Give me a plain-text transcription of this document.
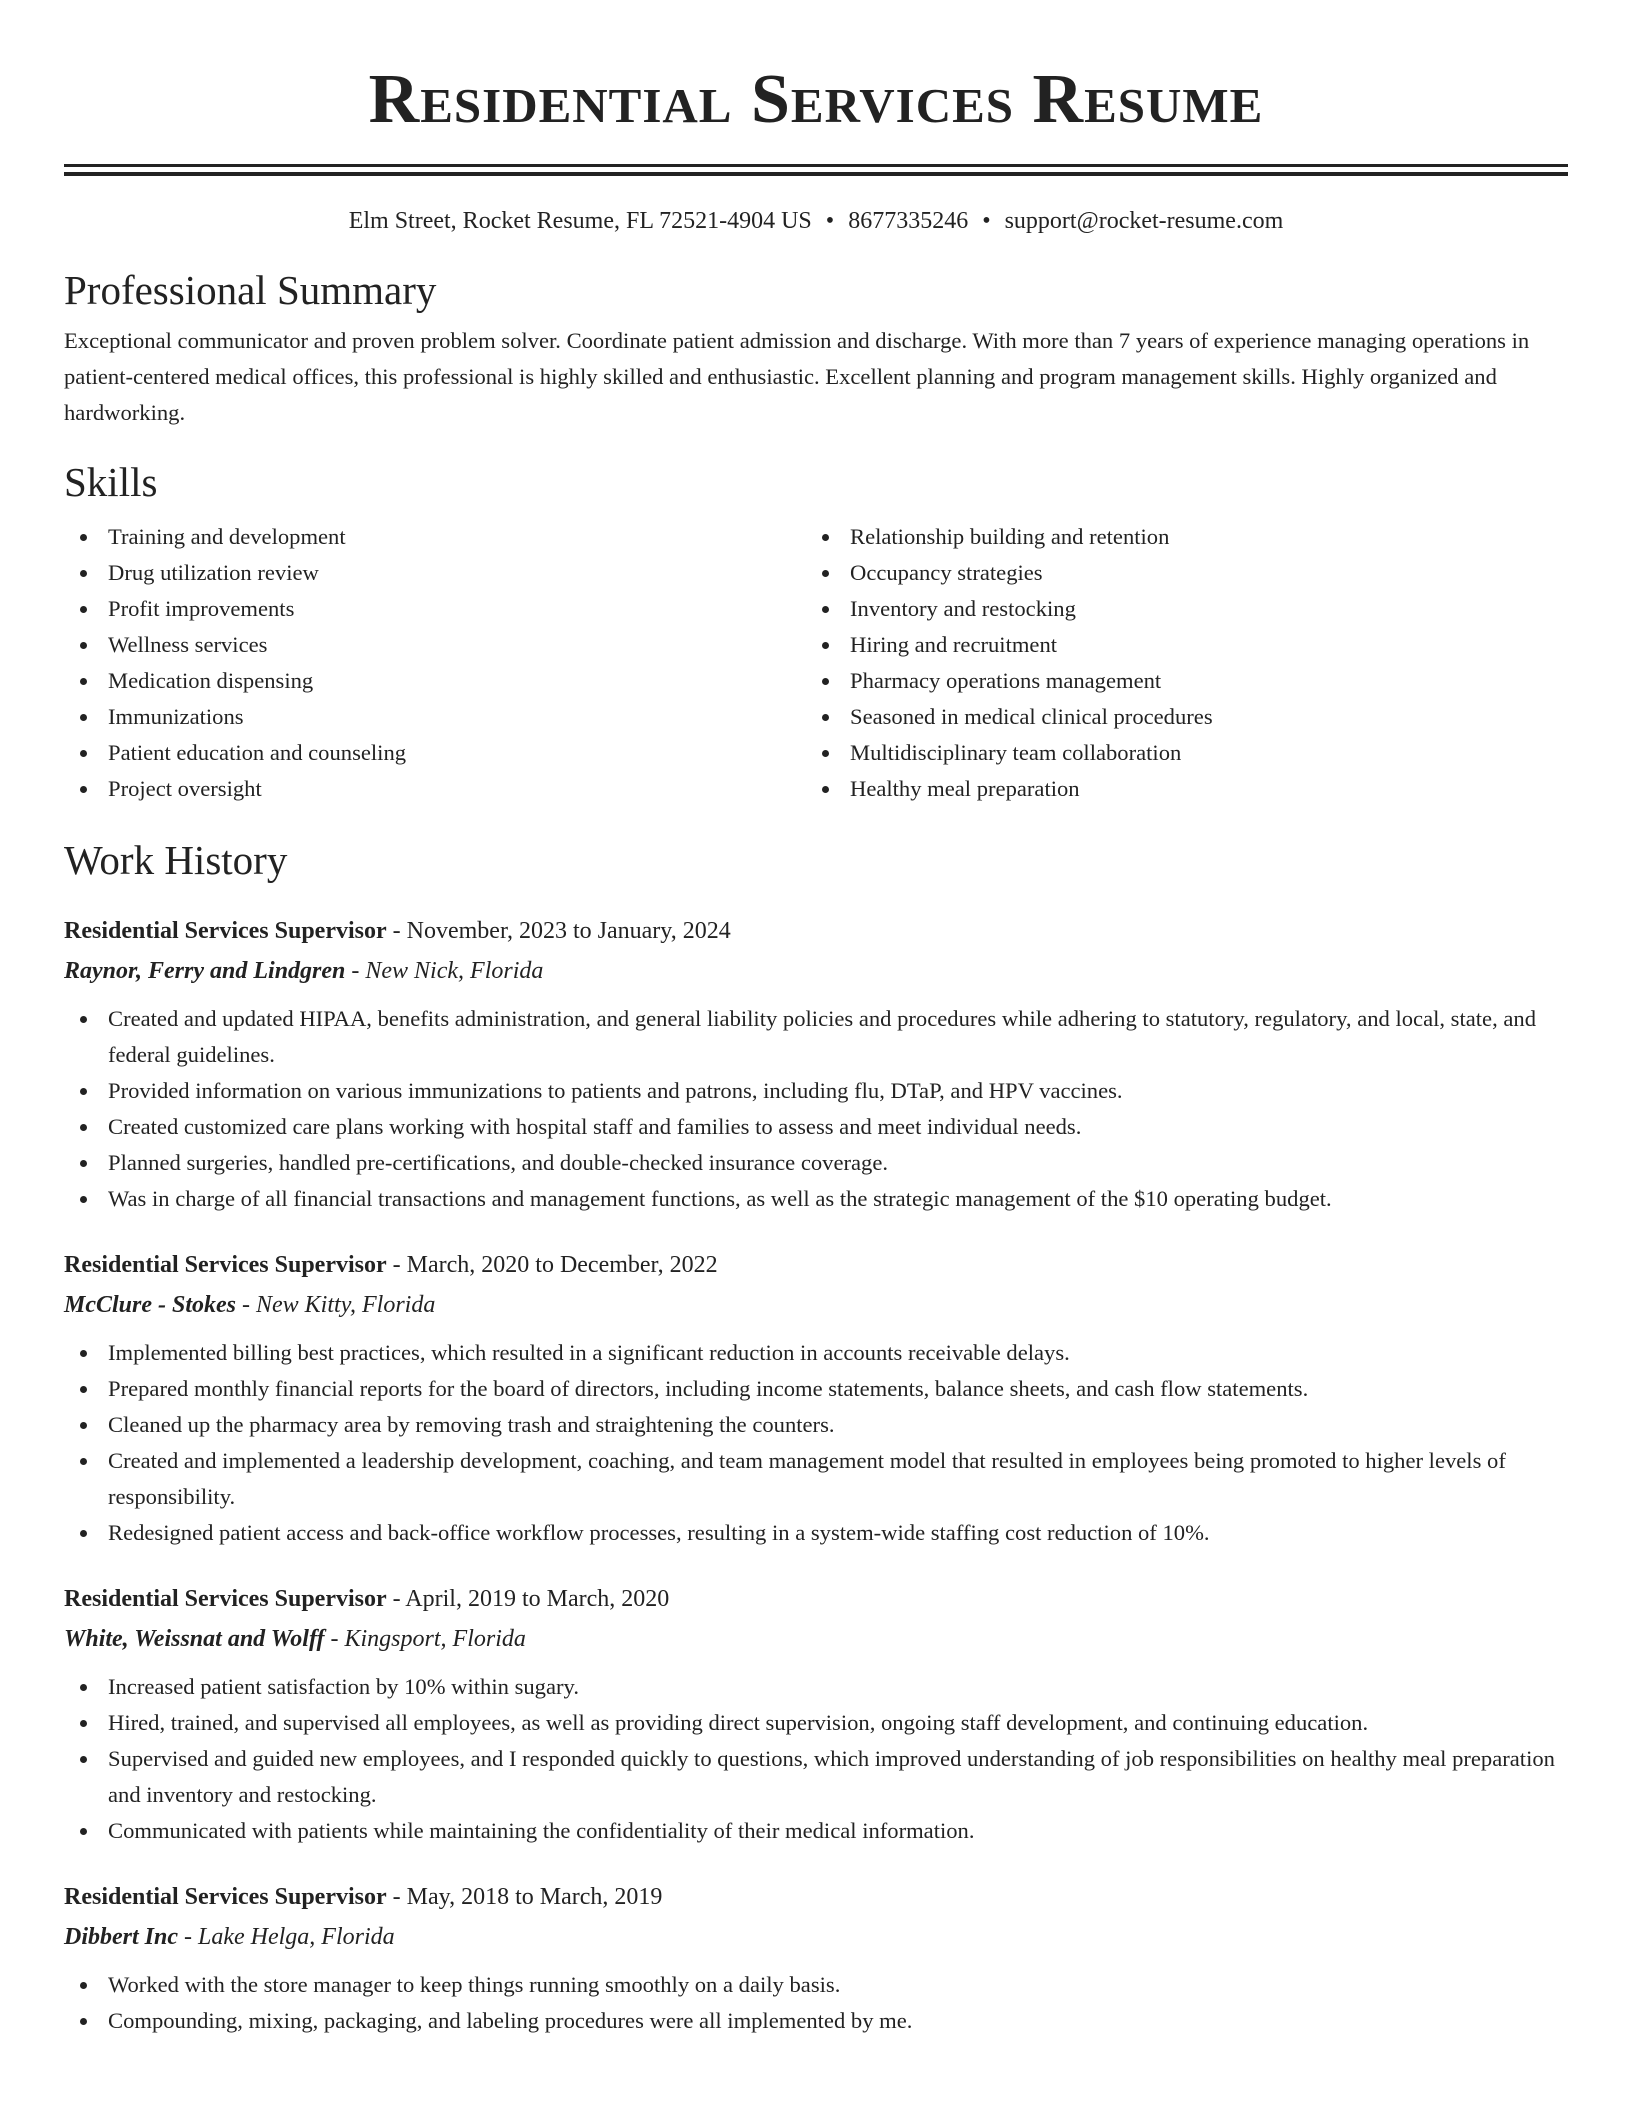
Residential Services Resume
Elm Street, Rocket Resume, FL 72521-4904 US • 8677335246 • support@rocket-resume.com
Professional Summary
Exceptional communicator and proven problem solver. Coordinate patient admission and discharge. With more than 7 years of experience managing operations in patient-centered medical offices, this professional is highly skilled and enthusiastic. Excellent planning and program management skills. Highly organized and hardworking.
Skills
Training and development
Drug utilization review
Profit improvements
Wellness services
Medication dispensing
Immunizations
Patient education and counseling
Project oversight
Relationship building and retention
Occupancy strategies
Inventory and restocking
Hiring and recruitment
Pharmacy operations management
Seasoned in medical clinical procedures
Multidisciplinary team collaboration
Healthy meal preparation
Work History
Residential Services Supervisor - November, 2023 to January, 2024
Raynor, Ferry and Lindgren - New Nick, Florida
Created and updated HIPAA, benefits administration, and general liability policies and procedures while adhering to statutory, regulatory, and local, state, and federal guidelines.
Provided information on various immunizations to patients and patrons, including flu, DTaP, and HPV vaccines.
Created customized care plans working with hospital staff and families to assess and meet individual needs.
Planned surgeries, handled pre-certifications, and double-checked insurance coverage.
Was in charge of all financial transactions and management functions, as well as the strategic management of the $10 operating budget.
Residential Services Supervisor - March, 2020 to December, 2022
McClure - Stokes - New Kitty, Florida
Implemented billing best practices, which resulted in a significant reduction in accounts receivable delays.
Prepared monthly financial reports for the board of directors, including income statements, balance sheets, and cash flow statements.
Cleaned up the pharmacy area by removing trash and straightening the counters.
Created and implemented a leadership development, coaching, and team management model that resulted in employees being promoted to higher levels of responsibility.
Redesigned patient access and back-office workflow processes, resulting in a system-wide staffing cost reduction of 10%.
Residential Services Supervisor - April, 2019 to March, 2020
White, Weissnat and Wolff - Kingsport, Florida
Increased patient satisfaction by 10% within sugary.
Hired, trained, and supervised all employees, as well as providing direct supervision, ongoing staff development, and continuing education.
Supervised and guided new employees, and I responded quickly to questions, which improved understanding of job responsibilities on healthy meal preparation and inventory and restocking.
Communicated with patients while maintaining the confidentiality of their medical information.
Residential Services Supervisor - May, 2018 to March, 2019
Dibbert Inc - Lake Helga, Florida
Worked with the store manager to keep things running smoothly on a daily basis.
Compounding, mixing, packaging, and labeling procedures were all implemented by me.
